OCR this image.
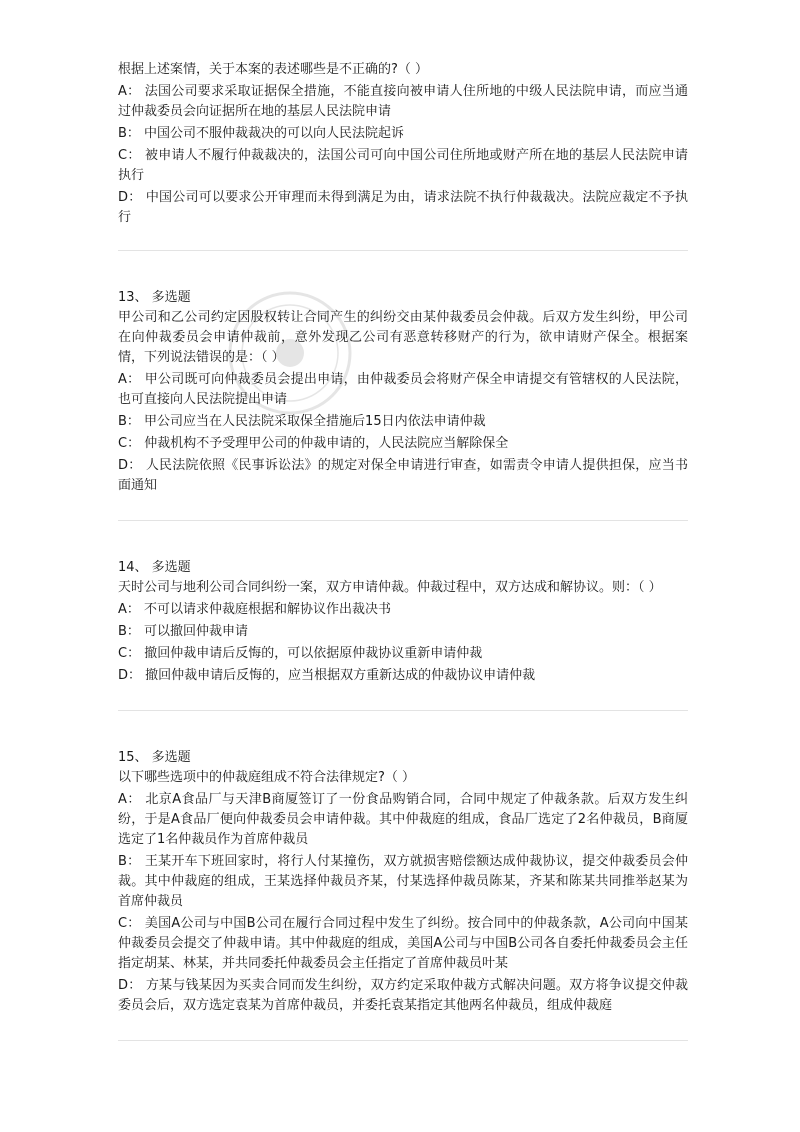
根据上述案情，关于本案的表述哪些是不正确的?（ ）

A： 法国公司要求采取证据保全措施，不能直接向被申请人住所地的中级人民法院申请，而应当通过仲裁委员会向证据所在地的基层人民法院申请

B： 中国公司不服仲裁裁决的可以向人民法院起诉

C： 被申请人不履行仲裁裁决的，法国公司可向中国公司住所地或财产所在地的基层人民法院申请执行

D： 中国公司可以要求公开审理而未得到满足为由，请求法院不执行仲裁裁决。法院应裁定不予执行

13、 多选题

甲公司和乙公司约定因股权转让合同产生的纠纷交由某仲裁委员会仲裁。后双方发生纠纷，甲公司在向仲裁委员会申请仲裁前，意外发现乙公司有恶意转移财产的行为，欲申请财产保全。根据案情，下列说法错误的是：（ ）

A： 甲公司既可向仲裁委员会提出申请，由仲裁委员会将财产保全申请提交有管辖权的人民法院，也可直接向人民法院提出申请

B： 甲公司应当在人民法院采取保全措施后15日内依法申请仲裁

C： 仲裁机构不予受理甲公司的仲裁申请的，人民法院应当解除保全

D： 人民法院依照《民事诉讼法》的规定对保全申请进行审查，如需责令申请人提供担保，应当书面通知

14、 多选题

天时公司与地利公司合同纠纷一案，双方申请仲裁。仲裁过程中，双方达成和解协议。则：（ ）

A： 不可以请求仲裁庭根据和解协议作出裁决书

B： 可以撤回仲裁申请

C： 撤回仲裁申请后反悔的，可以依据原仲裁协议重新申请仲裁

D： 撤回仲裁申请后反悔的，应当根据双方重新达成的仲裁协议申请仲裁

15、 多选题

以下哪些选项中的仲裁庭组成不符合法律规定?（ ）

A： 北京A食品厂与天津B商厦签订了一份食品购销合同，合同中规定了仲裁条款。后双方发生纠纷，于是A食品厂便向仲裁委员会申请仲裁。其中仲裁庭的组成，食品厂选定了2名仲裁员，B商厦选定了1名仲裁员作为首席仲裁员

B： 王某开车下班回家时，将行人付某撞伤，双方就损害赔偿额达成仲裁协议，提交仲裁委员会仲裁。其中仲裁庭的组成，王某选择仲裁员齐某，付某选择仲裁员陈某，齐某和陈某共同推举赵某为首席仲裁员

C： 美国A公司与中国B公司在履行合同过程中发生了纠纷。按合同中的仲裁条款，A公司向中国某仲裁委员会提交了仲裁申请。其中仲裁庭的组成，美国A公司与中国B公司各自委托仲裁委员会主任指定胡某、林某，并共同委托仲裁委员会主任指定了首席仲裁员叶某

D： 方某与钱某因为买卖合同而发生纠纷，双方约定采取仲裁方式解决问题。双方将争议提交仲裁委员会后，双方选定袁某为首席仲裁员，并委托袁某指定其他两名仲裁员，组成仲裁庭
